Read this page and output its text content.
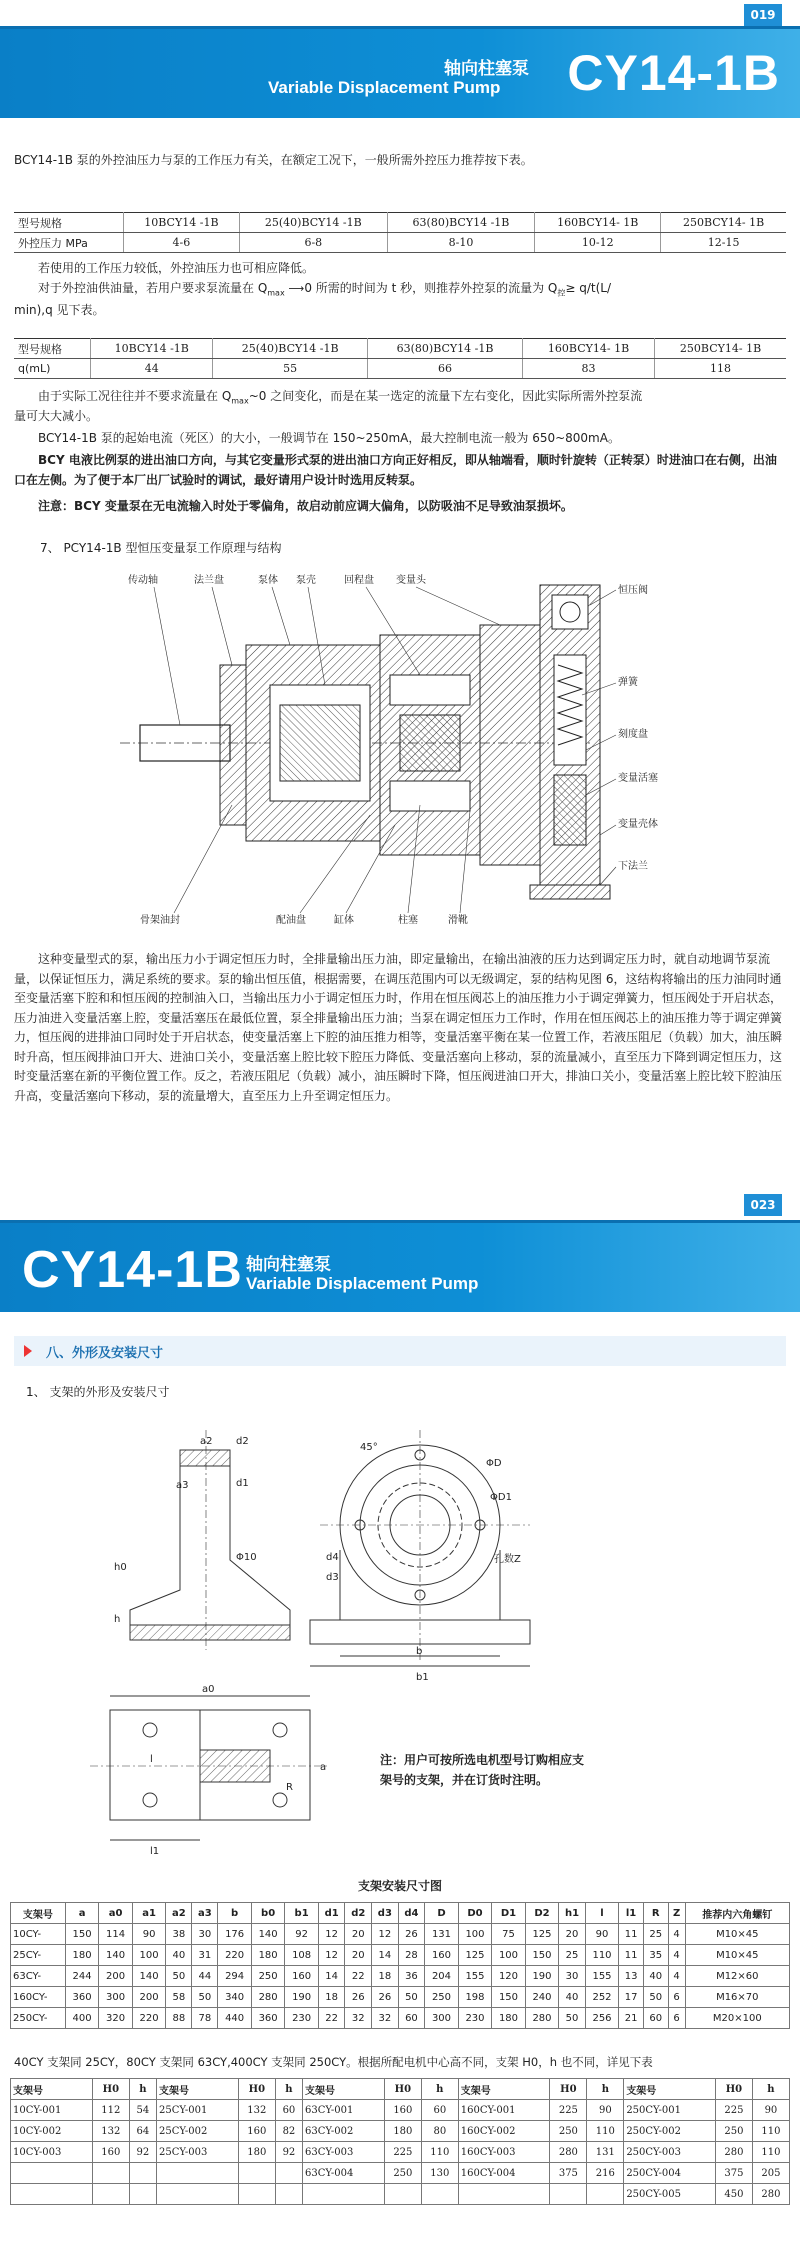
019
轴向柱塞泵
Variable Displacement Pump CY14-1B
BCY14-1B 泵的外控油压力与泵的工作压力有关，在额定工况下，一般所需外控压力推荐按下表。
型号规格	10BCY14 -1B	25(40)BCY14 -1B	63(80)BCY14 -1B	160BCY14- 1B	250BCY14- 1B
外控压力 MPa	4-6	6-8	8-10	10-12	12-15
若使用的工作压力较低，外控油压力也可相应降低。
对于外控油供油量，若用户要求泵流量在 $Q_{max}$ ⟶0 所需的时间为 t 秒，则推荐外控泵的流量为 $Q_控\ge q/t(L/$
min),q 见下表。
型号规格	10BCY14 -1B	25(40)BCY14 -1B	63(80)BCY14 -1B	160BCY14- 1B	250BCY14- 1B
q(mL)	44	55	66	83	118
由于实际工况往往并不要求流量在 $Q_{max}\sim 0$ 之间变化，而是在某一选定的流量下左右变化，因此实际所需外控泵流
量可大大减小。
BCY14-1B 泵的起始电流（死区）的大小，一般调节在 150~250mA，最大控制电流一般为 650~800mA。
BCY 电液比例泵的进出油口方向，与其它变量形式泵的进出油口方向正好相反，即从轴端看，顺时针旋转（正转泵）时进油口在右侧，出油口在左侧。为了便于本厂出厂试验时的调试，最好请用户设计时选用反转泵。
注意：BCY 变量泵在无电流输入时处于零偏角，故启动前应调大偏角，以防吸油不足导致油泵损坏。
7、 PCY14-1B 型恒压变量泵工作原理与结构
传动轴	法兰盘	泵体 泵壳	回程盘 变量头
恒压阀
弹簧
刻度盘
变量活塞
变量壳体
下法兰
骨架油封	配油盘	缸体	柱塞	滑靴
这种变量型式的泵，输出压力小于调定恒压力时，全排量输出压力油，即定量输出，在输出油液的压力达到调定压力时，就自动地调节泵流量，以保证恒压力，满足系统的要求。泵的输出恒压值，根据需要，在调压范围内可以无级调定，泵的结构见图 6，这结构将输出的压力油同时通至变量活塞下腔和和恒压阀的控制油入口，当输出压力小于调定恒压力时，作用在恒压阀芯上的油压推力小于调定弹簧力，恒压阀处于开启状态，压力油进入变量活塞上腔，变量活塞压在最低位置，泵全排量输出压力油；当泵在调定恒压力工作时，作用在恒压阀芯上的油压推力等于调定弹簧力，恒压阀的进排油口同时处于开启状态，使变量活塞上下腔的油压推力相等，变量活塞平衡在某一位置工作，若液压阻尼（负载）加大，油压瞬时升高，恒压阀排油口开大、进油口关小，变量活塞上腔比较下腔压力降低、变量活塞向上移动，泵的流量减小，直至压力下降到调定恒压力，这时变量活塞在新的平衡位置工作。反之，若液压阻尼（负载）减小，油压瞬时下降，恒压阀进油口开大，排油口关小，变量活塞上腔比较下腔油压升高，变量活塞向下移动，泵的流量增大，直至压力上升至调定恒压力。
023
CY14-1B 轴向柱塞泵
Variable Displacement Pump
八、外形及安装尺寸
1、 支架的外形及安装尺寸
a2
a3
d2
d1
h0
Φ10
h
d4
d3
45°
ΦD
ΦD1
孔数Z
b
b1
a0
a
l
l1
R
注：用户可按所选电机型号订购相应支架号的支架，并在订货时注明。
支架安装尺寸图
支架号	a	a0	a1	a2	a3	b	b0	b1	d1	d2	d3	d4	D	D0	D1	D2	h1	l	l1	R	Z	推荐内六角螺钉
10CY-	150	114	90	38	30	176	140	92	12	20	12	26	131	100	75	125	20	90	11	25	4	M10×45
25CY-	180	140	100	40	31	220	180	108	12	20	14	28	160	125	100	150	25	110	11	35	4	M10×45
63CY-	244	200	140	50	44	294	250	160	14	22	18	36	204	155	120	190	30	155	13	40	4	M12×60
160CY-	360	300	200	58	50	340	280	190	18	26	26	50	250	198	150	240	40	252	17	50	6	M16×70
250CY-	400	320	220	88	78	440	360	230	22	32	32	60	300	230	180	280	50	256	21	60	6	M20×100
40CY 支架同 25CY，80CY 支架同 63CY,400CY 支架同 250CY。根据所配电机中心高不同，支架 H0，h 也不同，详见下表
支架号	H0	h	支架号	H0	h	支架号	H0	h	支架号	H0	h	支架号	H0	h
10CY-001	112	54	25CY-001	132	60	63CY-001	160	60	160CY-001	225	90	250CY-001	225	90
10CY-002	132	64	25CY-002	160	82	63CY-002	180	80	160CY-002	250	110	250CY-002	250	110
10CY-003	160	92	25CY-003	180	92	63CY-003	225	110	160CY-003	280	131	250CY-003	280	110
						63CY-004	250	130	160CY-004	375	216	250CY-004	375	205
												250CY-005	450	280
